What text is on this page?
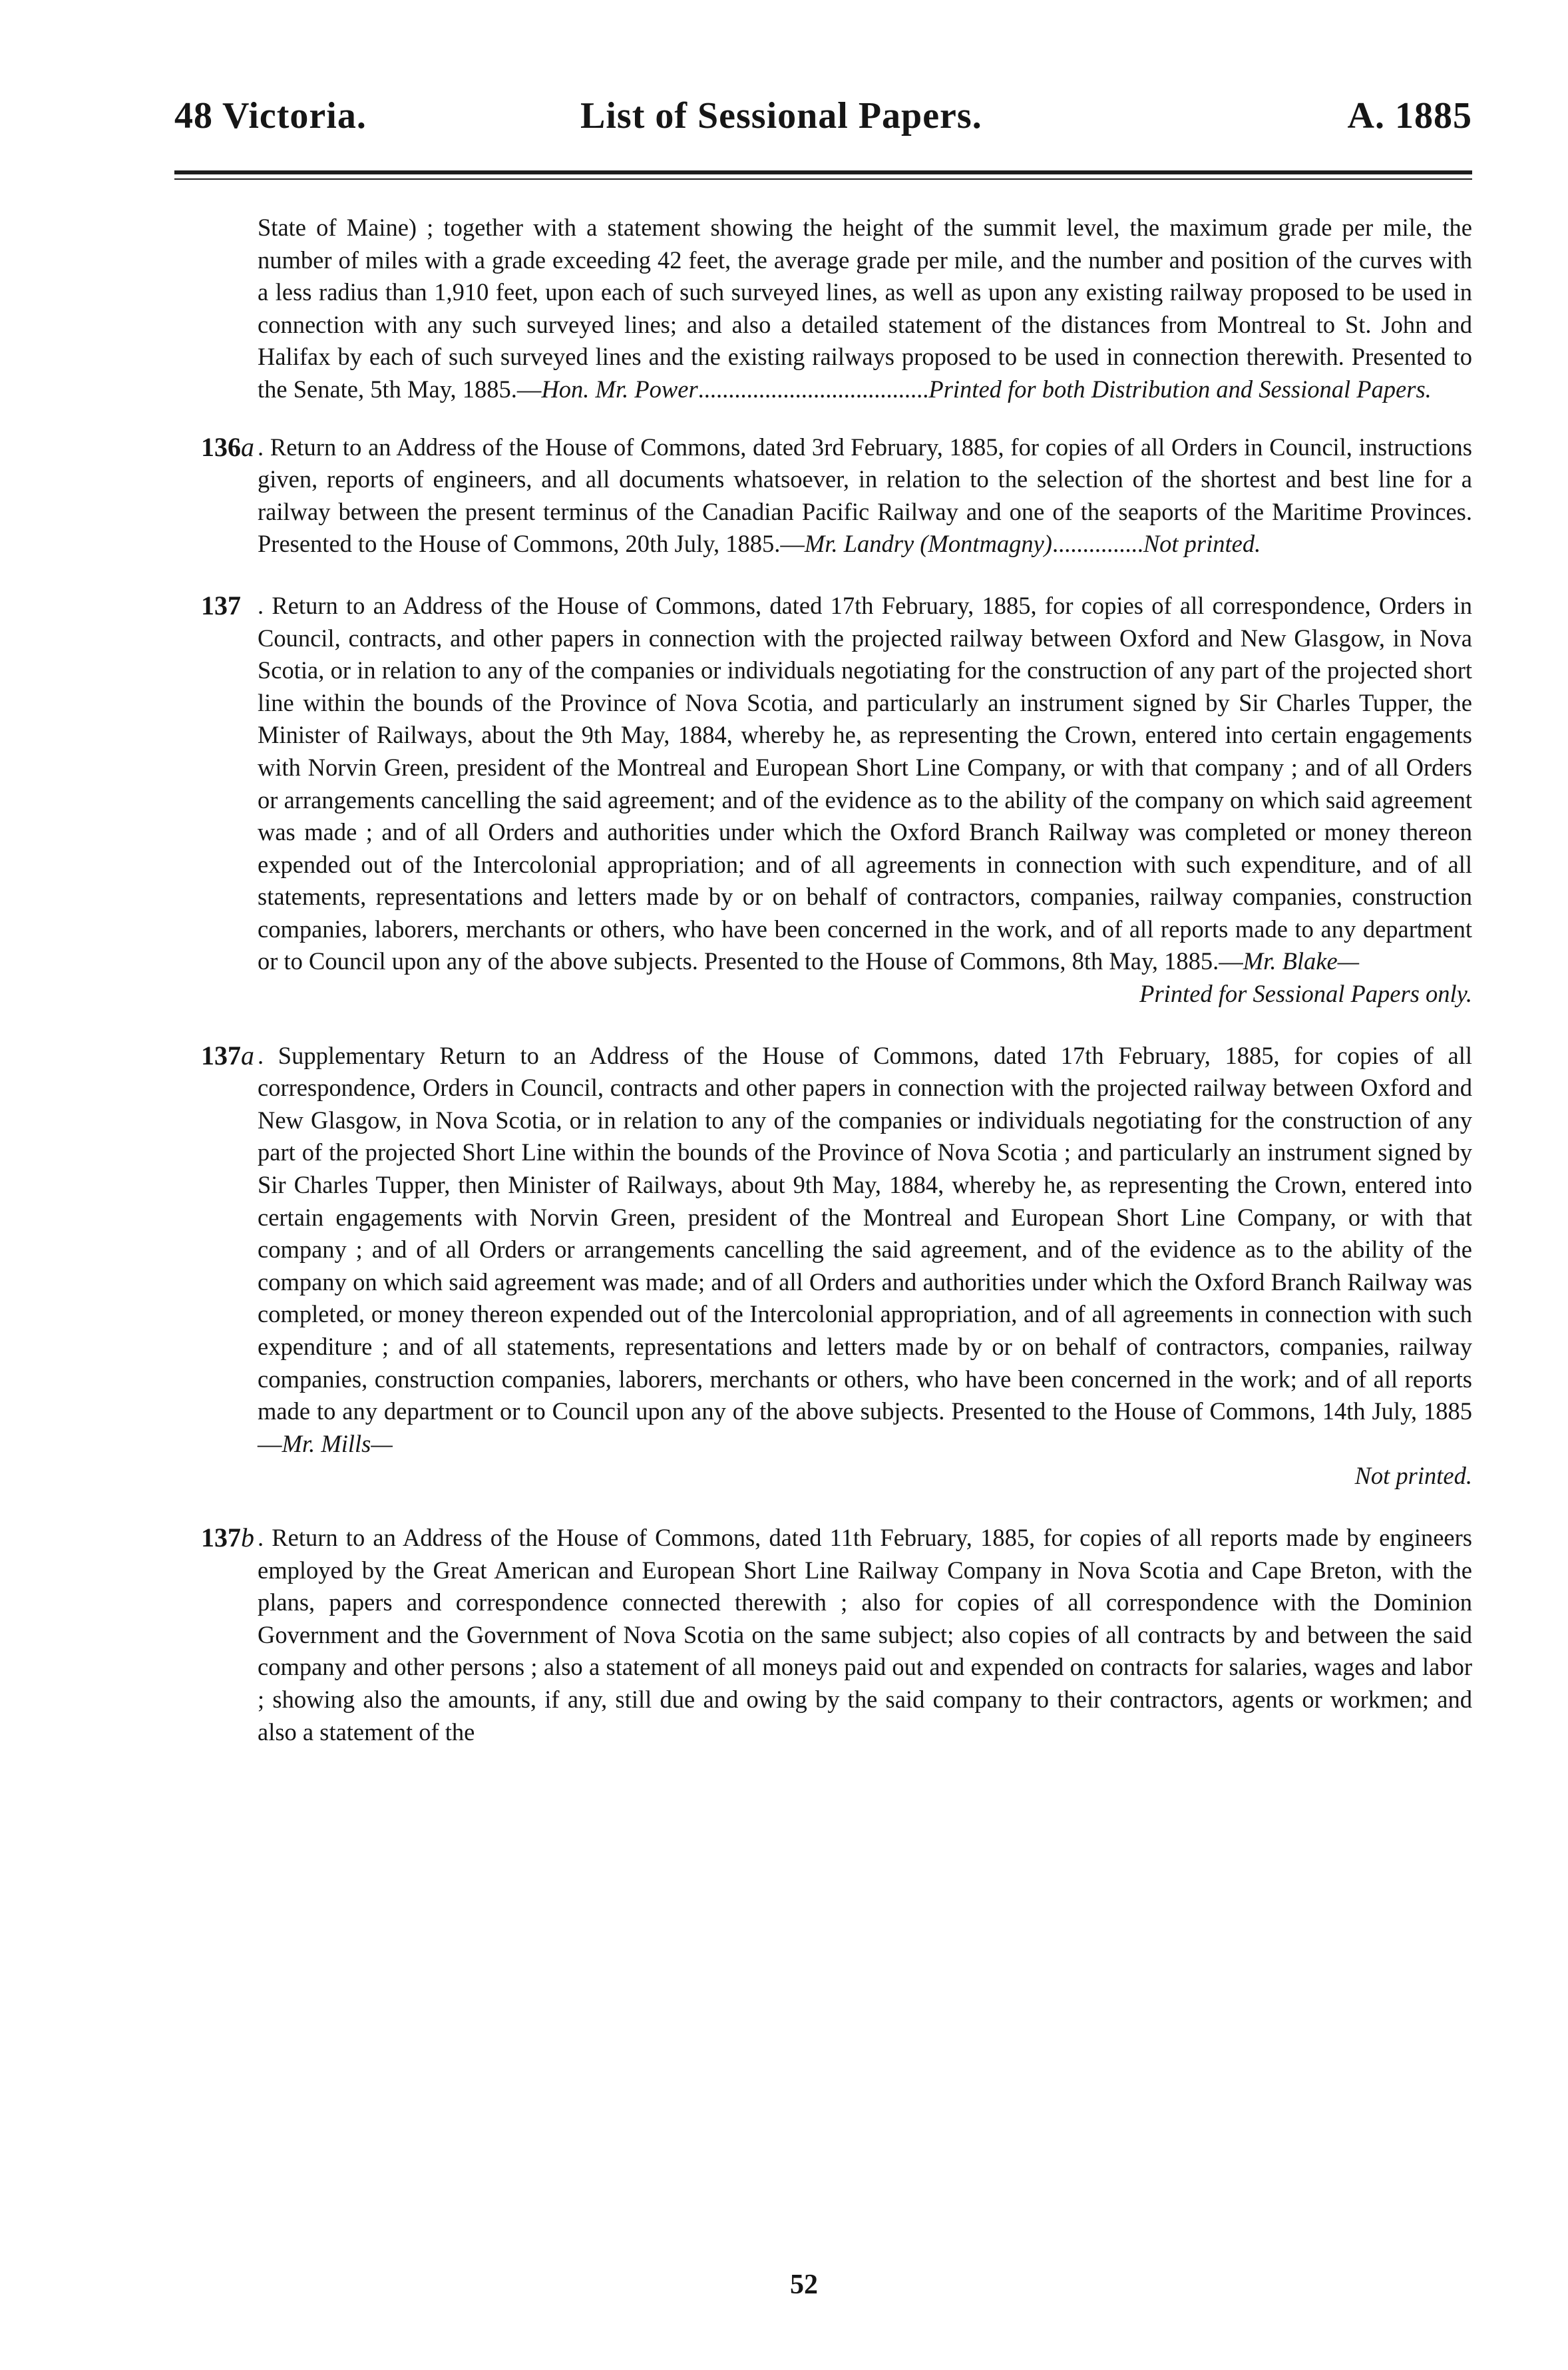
48 Victoria.	List of Sessional Papers.	A. 1885
State of Maine) ; together with a statement showing the height of the summit level, the maximum grade per mile, the number of miles with a grade exceeding 42 feet, the average grade per mile, and the number and position of the curves with a less radius than 1,910 feet, upon each of such surveyed lines, as well as upon any existing railway proposed to be used in connection with any such surveyed lines; and also a detailed statement of the distances from Montreal to St. John and Halifax by each of such surveyed lines and the existing railways proposed to be used in connection therewith. Presented to the Senate, 5th May, 1885.—Hon. Mr. Power......................................Printed for both Distribution and Sessional Papers.
136a . Return to an Address of the House of Commons, dated 3rd February, 1885, for copies of all Orders in Council, instructions given, reports of engineers, and all documents whatsoever, in relation to the selection of the shortest and best line for a railway between the present terminus of the Canadian Pacific Railway and one of the seaports of the Maritime Provinces. Presented to the House of Commons, 20th July, 1885.—Mr. Landry (Montmagny)...............Not printed.
137 . Return to an Address of the House of Commons, dated 17th February, 1885, for copies of all correspondence, Orders in Council, contracts, and other papers in connection with the projected railway between Oxford and New Glasgow, in Nova Scotia, or in relation to any of the companies or individuals negotiating for the construction of any part of the projected short line within the bounds of the Province of Nova Scotia, and particularly an instrument signed by Sir Charles Tupper, the Minister of Railways, about the 9th May, 1884, whereby he, as representing the Crown, entered into certain engagements with Norvin Green, president of the Montreal and European Short Line Company, or with that company ; and of all Orders or arrangements cancelling the said agreement; and of the evidence as to the ability of the company on which said agreement was made ; and of all Orders and authorities under which the Oxford Branch Railway was completed or money thereon expended out of the Intercolonial appropriation; and of all agreements in connection with such expenditure, and of all statements, representations and letters made by or on behalf of contractors, companies, railway companies, construction companies, laborers, merchants or others, who have been concerned in the work, and of all reports made to any department or to Council upon any of the above subjects. Presented to the House of Commons, 8th May, 1885.—Mr. Blake—
Printed for Sessional Papers only.
137a . Supplementary Return to an Address of the House of Commons, dated 17th February, 1885, for copies of all correspondence, Orders in Council, contracts and other papers in connection with the projected railway between Oxford and New Glasgow, in Nova Scotia, or in relation to any of the companies or individuals negotiating for the construction of any part of the projected Short Line within the bounds of the Province of Nova Scotia ; and particularly an instrument signed by Sir Charles Tupper, then Minister of Railways, about 9th May, 1884, whereby he, as representing the Crown, entered into certain engagements with Norvin Green, president of the Montreal and European Short Line Company, or with that company ; and of all Orders or arrangements cancelling the said agreement, and of the evidence as to the ability of the company on which said agreement was made; and of all Orders and authorities under which the Oxford Branch Railway was completed, or money thereon expended out of the Intercolonial appropriation, and of all agreements in connection with such expenditure ; and of all statements, representations and letters made by or on behalf of contractors, companies, railway companies, construction companies, laborers, merchants or others, who have been concerned in the work; and of all reports made to any department or to Council upon any of the above subjects. Presented to the House of Commons, 14th July, 1885—Mr. Mills—
Not printed.
137b . Return to an Address of the House of Commons, dated 11th February, 1885, for copies of all reports made by engineers employed by the Great American and European Short Line Railway Company in Nova Scotia and Cape Breton, with the plans, papers and correspondence connected therewith ; also for copies of all correspondence with the Dominion Government and the Government of Nova Scotia on the same subject; also copies of all contracts by and between the said company and other persons ; also a statement of all moneys paid out and expended on contracts for salaries, wages and labor ; showing also the amounts, if any, still due and owing by the said company to their contractors, agents or workmen; and also a statement of the
52
